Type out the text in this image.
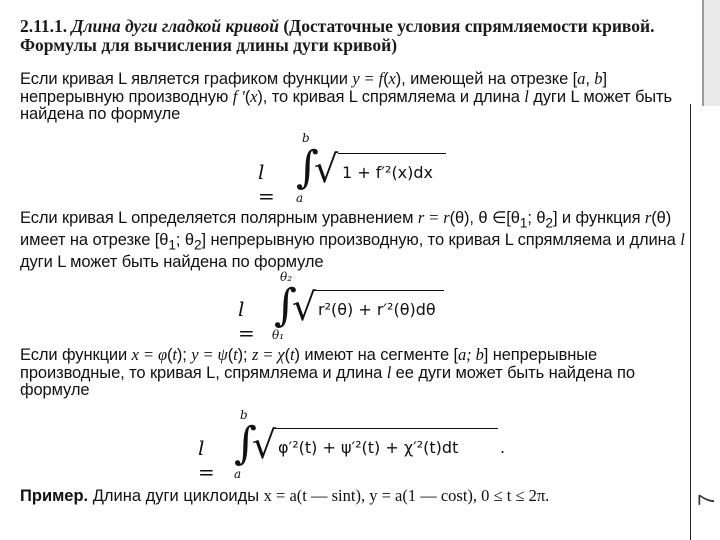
7
2.11.1. Длина дуги гладкой кривой (Достаточные условия спрямляемости кривой. Формулы для вычисления длины дуги кривой)
Если кривая L является графиком функции y = f(x), имеющей на отрезке [a, b] непрерывную производную f ′(x), то кривая L спрямляема и длина l дуги L может быть найдена по формуле
l =
∫
b
a
√ 1 + f′²(x)dx
Если кривая L определяется полярным уравнением r = r(θ), θ $\in[\theta_1$; $\theta_2$] и функция r(θ) имеет на отрезке [$\theta_1$; $\theta_2$] непрерывную производную, то кривая L спрямляема и длина l дуги L может быть найдена по формуле
l =
∫
θ₂
θ₁
√ r²(θ) + r′²(θ)dθ
Если функции x = φ(t); y = ψ(t); z = χ(t) имеют на сегменте [a; b] непрерывные производные, то кривая L, спрямляема и длина l ее дуги может быть найдена по формуле
l =
∫
b
a
√ φ′²(t) + ψ′²(t) + χ′²(t)dt	.
Пример. Длина дуги циклоиды x = a(t — sint), y = a(1 — cost), 0 ≤ t ≤ 2π.
